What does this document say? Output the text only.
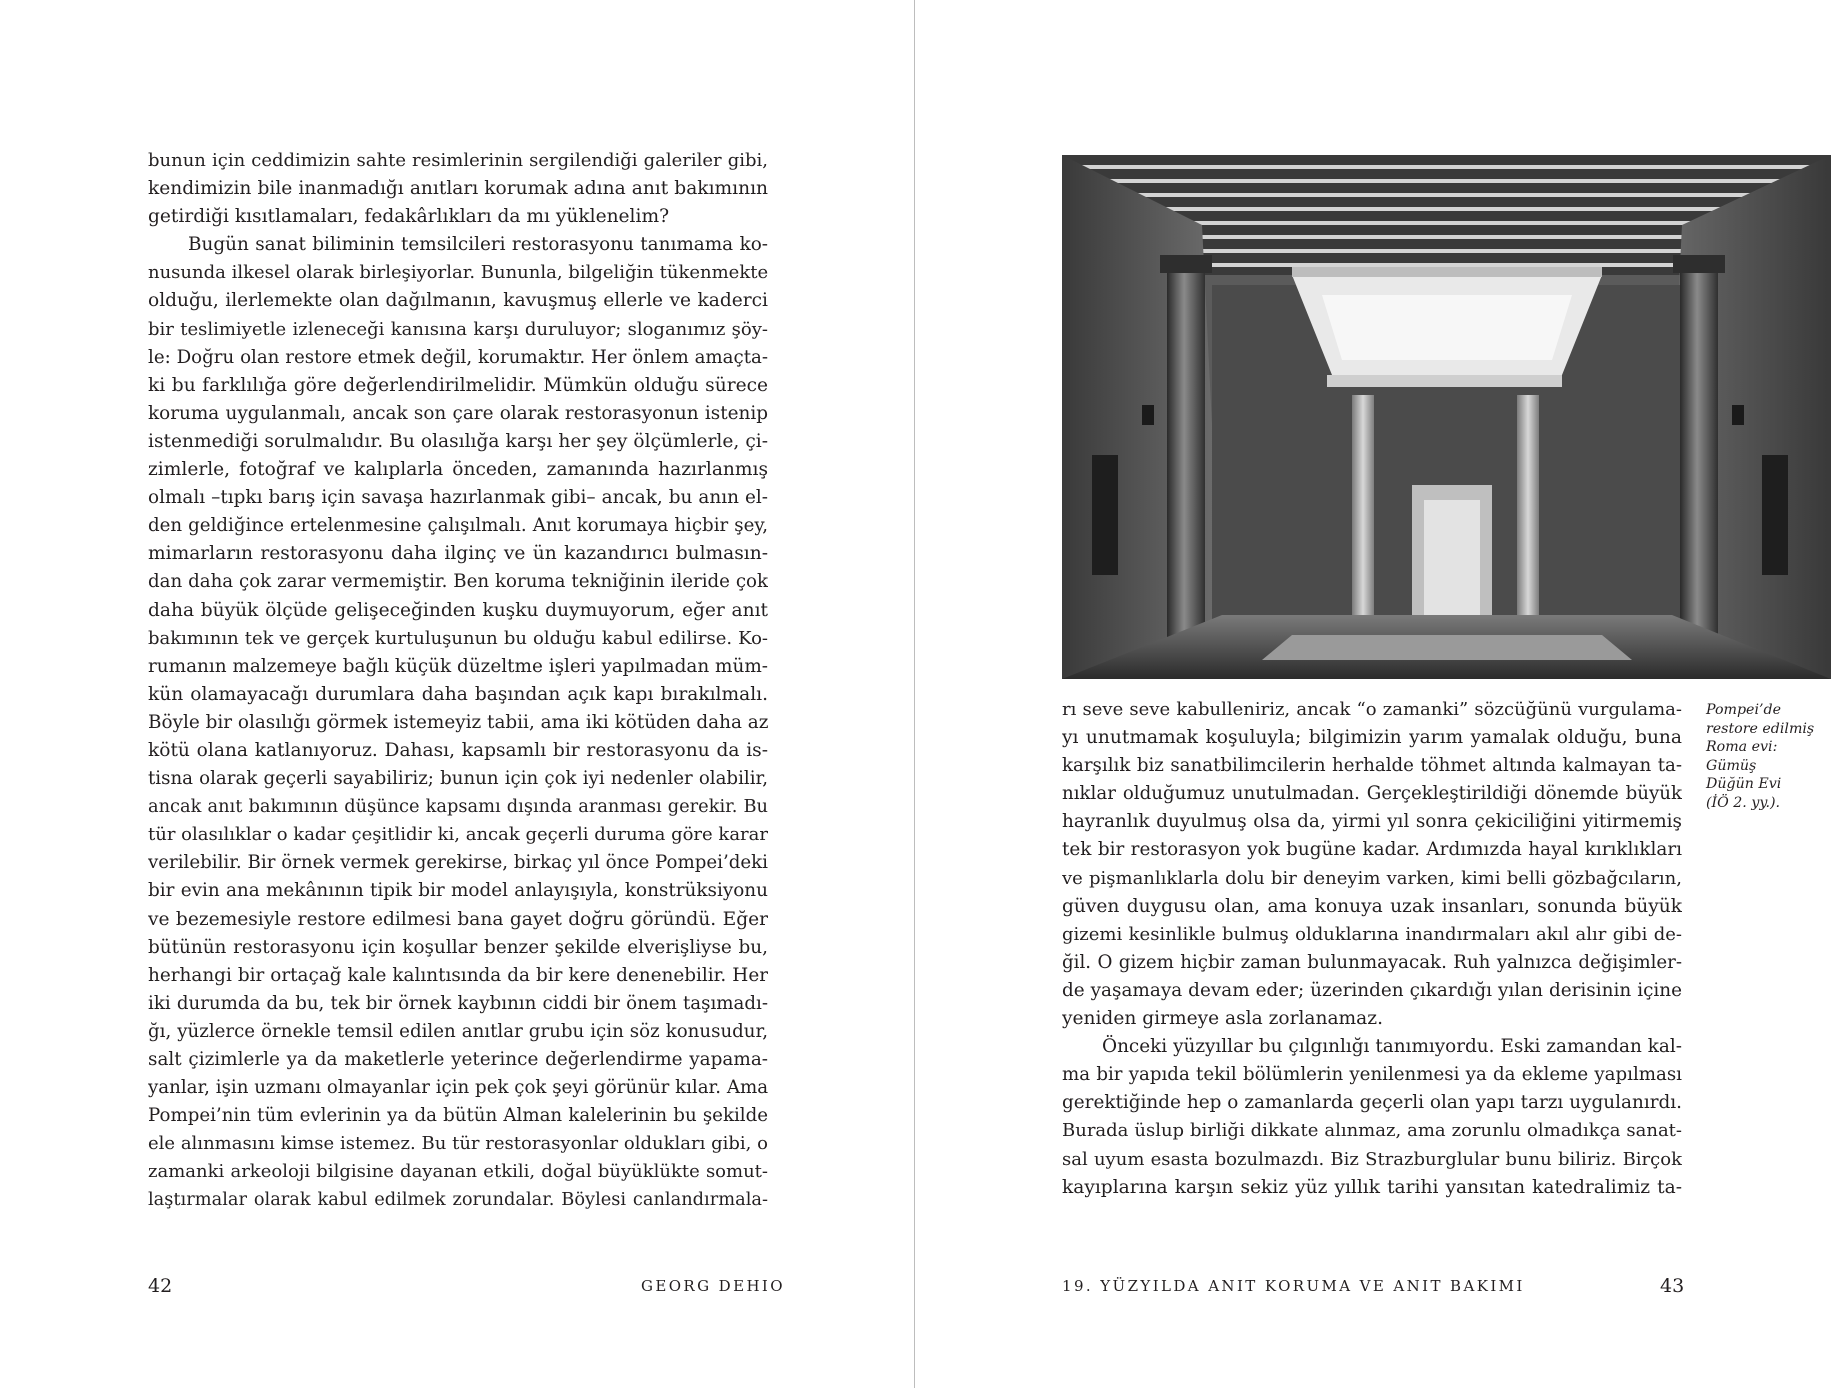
bunun için ceddimizin sahte resimlerinin sergilendiği galeriler gibi,
kendimizin bile inanmadığı anıtları korumak adına anıt bakımının
getirdiği kısıtlamaları, fedakârlıkları da mı yüklenelim?
Bugün sanat biliminin temsilcileri restorasyonu tanımama ko-
nusunda ilkesel olarak birleşiyorlar. Bununla, bilgeliğin tükenmekte
olduğu, ilerlemekte olan dağılmanın, kavuşmuş ellerle ve kaderci
bir teslimiyetle izleneceği kanısına karşı duruluyor; sloganımız şöy-
le: Doğru olan restore etmek değil, korumaktır. Her önlem amaçta-
ki bu farklılığa göre değerlendirilmelidir. Mümkün olduğu sürece
koruma uygulanmalı, ancak son çare olarak restorasyonun istenip
istenmediği sorulmalıdır. Bu olasılığa karşı her şey ölçümlerle, çi-
zimlerle, fotoğraf ve kalıplarla önceden, zamanında hazırlanmış
olmalı –tıpkı barış için savaşa hazırlanmak gibi– ancak, bu anın el-
den geldiğince ertelenmesine çalışılmalı. Anıt korumaya hiçbir şey,
mimarların restorasyonu daha ilginç ve ün kazandırıcı bulmasın-
dan daha çok zarar vermemiştir. Ben koruma tekniğinin ileride çok
daha büyük ölçüde gelişeceğinden kuşku duymuyorum, eğer anıt
bakımının tek ve gerçek kurtuluşunun bu olduğu kabul edilirse. Ko-
rumanın malzemeye bağlı küçük düzeltme işleri yapılmadan müm-
kün olamayacağı durumlara daha başından açık kapı bırakılmalı.
Böyle bir olasılığı görmek istemeyiz tabii, ama iki kötüden daha az
kötü olana katlanıyoruz. Dahası, kapsamlı bir restorasyonu da is-
tisna olarak geçerli sayabiliriz; bunun için çok iyi nedenler olabilir,
ancak anıt bakımının düşünce kapsamı dışında aranması gerekir. Bu
tür olasılıklar o kadar çeşitlidir ki, ancak geçerli duruma göre karar
verilebilir. Bir örnek vermek gerekirse, birkaç yıl önce Pompei’deki
bir evin ana mekânının tipik bir model anlayışıyla, konstrüksiyonu
ve bezemesiyle restore edilmesi bana gayet doğru göründü. Eğer
bütünün restorasyonu için koşullar benzer şekilde elverişliyse bu,
herhangi bir ortaçağ kale kalıntısında da bir kere denenebilir. Her
iki durumda da bu, tek bir örnek kaybının ciddi bir önem taşımadı-
ğı, yüzlerce örnekle temsil edilen anıtlar grubu için söz konusudur,
salt çizimlerle ya da maketlerle yeterince değerlendirme yapama-
yanlar, işin uzmanı olmayanlar için pek çok şeyi görünür kılar. Ama
Pompei’nin tüm evlerinin ya da bütün Alman kalelerinin bu şekilde
ele alınmasını kimse istemez. Bu tür restorasyonlar oldukları gibi, o
zamanki arkeoloji bilgisine dayanan etkili, doğal büyüklükte somut-
laştırmalar olarak kabul edilmek zorundalar. Böylesi canlandırmala-
42	GEORG DEHIO
Pompei’de
restore edilmiş
Roma evi:
Gümüş
Düğün Evi
(İÖ 2. yy.).
rı seve seve kabulleniriz, ancak “o zamanki” sözcüğünü vurgulama-
yı unutmamak koşuluyla; bilgimizin yarım yamalak olduğu, buna
karşılık biz sanatbilimcilerin herhalde töhmet altında kalmayan ta-
nıklar olduğumuz unutulmadan. Gerçekleştirildiği dönemde büyük
hayranlık duyulmuş olsa da, yirmi yıl sonra çekiciliğini yitirmemiş
tek bir restorasyon yok bugüne kadar. Ardımızda hayal kırıklıkları
ve pişmanlıklarla dolu bir deneyim varken, kimi belli gözbağcıların,
güven duygusu olan, ama konuya uzak insanları, sonunda büyük
gizemi kesinlikle bulmuş olduklarına inandırmaları akıl alır gibi de-
ğil. O gizem hiçbir zaman bulunmayacak. Ruh yalnızca değişimler-
de yaşamaya devam eder; üzerinden çıkardığı yılan derisinin içine
yeniden girmeye asla zorlanamaz.
Önceki yüzyıllar bu çılgınlığı tanımıyordu. Eski zamandan kal-
ma bir yapıda tekil bölümlerin yenilenmesi ya da ekleme yapılması
gerektiğinde hep o zamanlarda geçerli olan yapı tarzı uygulanırdı.
Burada üslup birliği dikkate alınmaz, ama zorunlu olmadıkça sanat-
sal uyum esasta bozulmazdı. Biz Strazburglular bunu biliriz. Birçok
kayıplarına karşın sekiz yüz yıllık tarihi yansıtan katedralimiz ta-
19. YÜZYILDA ANIT KORUMA VE ANIT BAKIMI	43
